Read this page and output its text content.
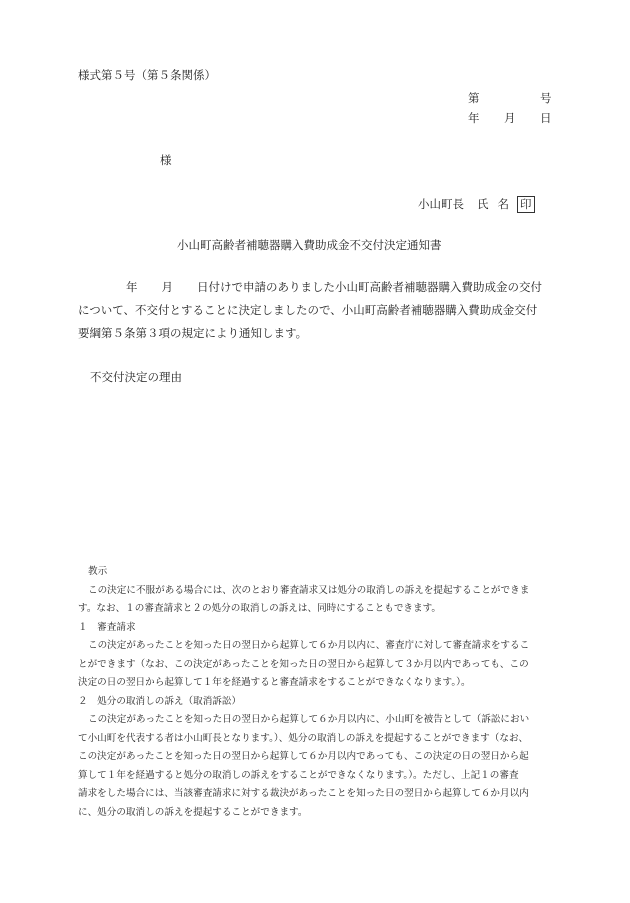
様式第５号（第５条関係）
第	号
年 月 日
様
小山町長 氏 名 印
小山町高齢者補聴器購入費助成金不交付決定通知書
年 月 日付けで申請のありました小山町高齢者補聴器購入費助成金の交付
について、不交付とすることに決定しましたので、小山町高齢者補聴器購入費助成金交付
要綱第５条第３項の規定により通知します。
不交付決定の理由

教示

この決定に不服がある場合には、次のとおり審査請求又は処分の取消しの訴えを提起することができま

す。なお、１の審査請求と２の処分の取消しの訴えは、同時にすることもできます。

１　審査請求

この決定があったことを知った日の翌日から起算して６か月以内に、審査庁に対して審査請求をするこ

とができます（なお、この決定があったことを知った日の翌日から起算して３か月以内であっても、この

決定の日の翌日から起算して１年を経過すると審査請求をすることができなくなります。）。

２　処分の取消しの訴え（取消訴訟）

この決定があったことを知った日の翌日から起算して６か月以内に、小山町を被告として（訴訟におい

て小山町を代表する者は小山町長となります。）、処分の取消しの訴えを提起することができます（なお、

この決定があったことを知った日の翌日から起算して６か月以内であっても、この決定の日の翌日から起

算して１年を経過すると処分の取消しの訴えをすることができなくなります。）。ただし、上記１の審査

請求をした場合には、当該審査請求に対する裁決があったことを知った日の翌日から起算して６か月以内

に、処分の取消しの訴えを提起することができます。
